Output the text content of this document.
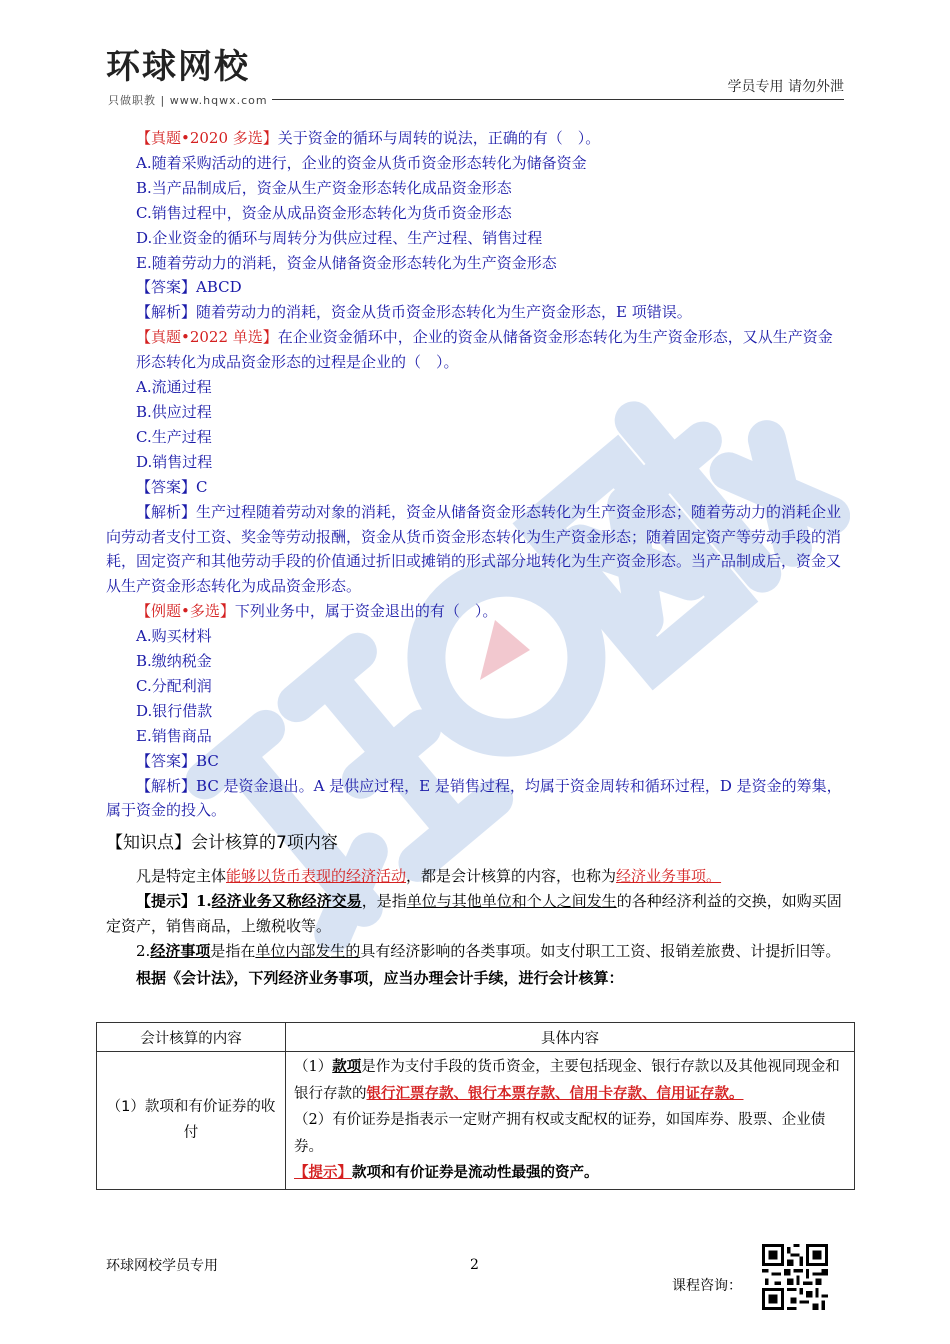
环球网校
只做职教 | www.hqwx.com
学员专用 请勿外泄
【真题•2020 多选】关于资金的循环与周转的说法，正确的有（　）。
A.随着采购活动的进行，企业的资金从货币资金形态转化为储备资金
B.当产品制成后，资金从生产资金形态转化成品资金形态
C.销售过程中，资金从成品资金形态转化为货币资金形态
D.企业资金的循环与周转分为供应过程、生产过程、销售过程
E.随着劳动力的消耗，资金从储备资金形态转化为生产资金形态
【答案】ABCD
【解析】随着劳动力的消耗，资金从货币资金形态转化为生产资金形态，E 项错误。
【真题•2022 单选】在企业资金循环中，企业的资金从储备资金形态转化为生产资金形态，又从生产资金形态转化为成品资金形态的过程是企业的（　）。
A.流通过程
B.供应过程
C.生产过程
D.销售过程
【答案】C
【解析】生产过程随着劳动对象的消耗，资金从储备资金形态转化为生产资金形态；随着劳动力的消耗企业向劳动者支付工资、奖金等劳动报酬，资金从货币资金形态转化为生产资金形态；随着固定资产等劳动手段的消耗，固定资产和其他劳动手段的价值通过折旧或摊销的形式部分地转化为生产资金形态。当产品制成后，资金又从生产资金形态转化为成品资金形态。
【例题•多选】下列业务中，属于资金退出的有（　）。
A.购买材料
B.缴纳税金
C.分配利润
D.银行借款
E.销售商品
【答案】BC
【解析】BC 是资金退出。A 是供应过程，E 是销售过程，均属于资金周转和循环过程，D 是资金的筹集，属于资金的投入。
【知识点】会计核算的7项内容
凡是特定主体能够以货币表现的经济活动，都是会计核算的内容，也称为经济业务事项。
【提示】1.经济业务又称经济交易，是指单位与其他单位和个人之间发生的各种经济利益的交换，如购买固定资产，销售商品，上缴税收等。
2.经济事项是指在单位内部发生的具有经济影响的各类事项。如支付职工工资、报销差旅费、计提折旧等。
根据《会计法》，下列经济业务事项，应当办理会计手续，进行会计核算：
会计核算的内容	具体内容
（1）款项和有价证券的收付	（1）款项是作为支付手段的货币资金，主要包括现金、银行存款以及其他视同现金和银行存款的银行汇票存款、银行本票存款、信用卡存款、信用证存款。
（2）有价证券是指表示一定财产拥有权或支配权的证券，如国库券、股票、企业债券。
【提示】款项和有价证券是流动性最强的资产。
环球网校学员专用	2
课程咨询：
